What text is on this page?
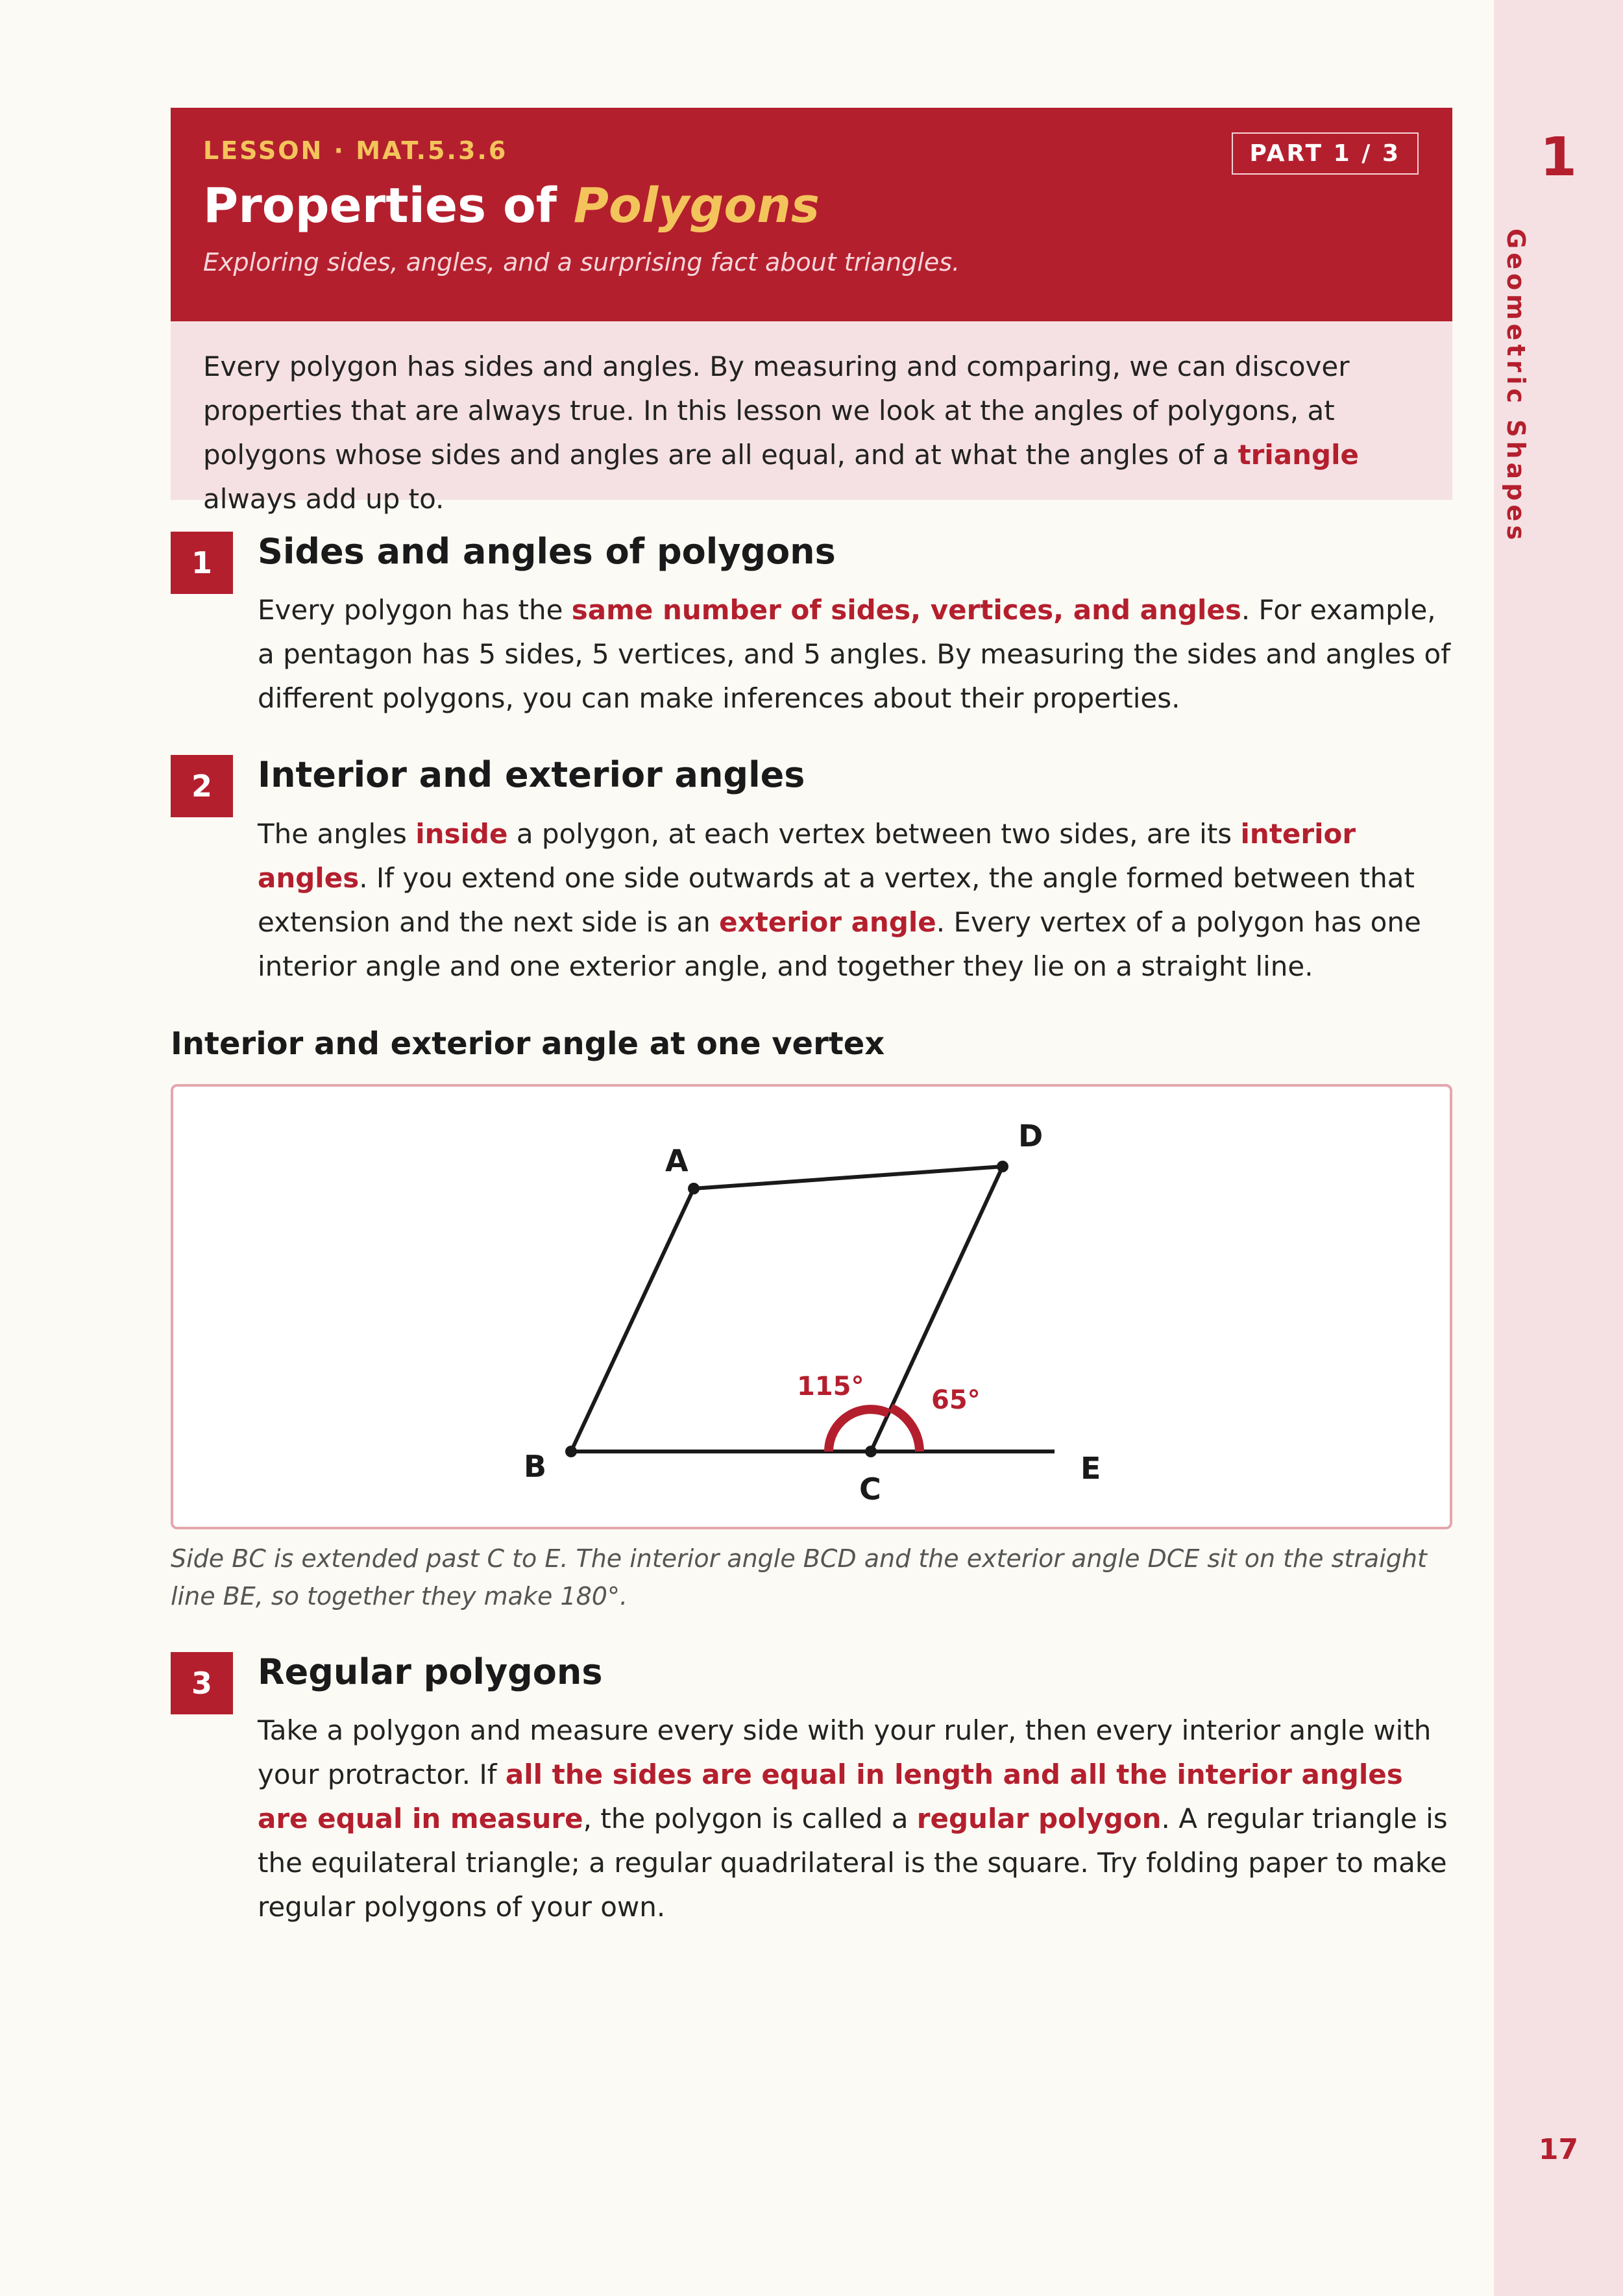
LESSON · MAT.5.3.6	PART 1 / 3
Properties of Polygons
Exploring sides, angles, and a surprising fact about triangles.
Every polygon has sides and angles. By measuring and comparing, we can discover properties that are always true. In this lesson we look at the angles of polygons, at polygons whose sides and angles are all equal, and at what the angles of a triangle always add up to.
1	Sides and angles of polygons
Every polygon has the same number of sides, vertices, and angles. For example, a pentagon has 5 sides, 5 vertices, and 5 angles. By measuring the sides and angles of different polygons, you can make inferences about their properties.
2	Interior and exterior angles
The angles inside a polygon, at each vertex between two sides, are its interior angles. If you extend one side outwards at a vertex, the angle formed between that extension and the next side is an exterior angle. Every vertex of a polygon has one interior angle and one exterior angle, and together they lie on a straight line.
Interior and exterior angle at one vertex
A
D
B
C
E
115°	65°
Side BC is extended past C to E. The interior angle BCD and the exterior angle DCE sit on the straight line BE, so together they make 180°.
3	Regular polygons
Take a polygon and measure every side with your ruler, then every interior angle with your protractor. If all the sides are equal in length and all the interior angles are equal in measure, the polygon is called a regular polygon. A regular triangle is the equilateral triangle; a regular quadrilateral is the square. Try folding paper to make regular polygons of your own.
1
Geometric Shapes
17
